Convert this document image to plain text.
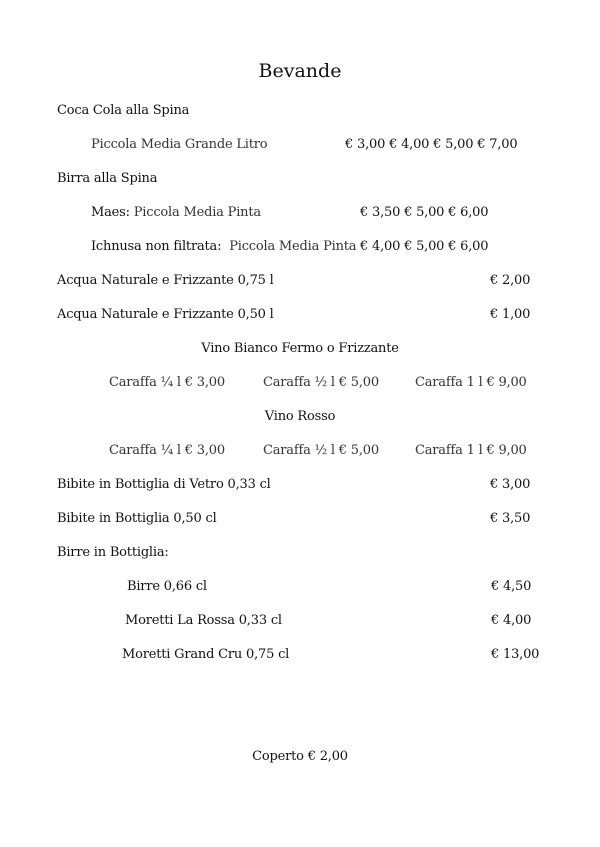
Bevande
Coca Cola alla Spina
Piccola Media Grande Litro	€ 3,00 € 4,00 € 5,00 € 7,00
Birra alla Spina
Maes: Piccola Media Pinta	€ 3,50 € 5,00 € 6,00
Ichnusa non filtrata: Piccola Media Pinta € 4,00 € 5,00 € 6,00
Acqua Naturale e Frizzante 0,75 l	€ 2,00
Acqua Naturale e Frizzante 0,50 l	€ 1,00
Vino Bianco Fermo o Frizzante
Caraffa ¼ l € 3,00	Caraffa ½ l € 5,00	Caraffa 1 l € 9,00
Vino Rosso
Caraffa ¼ l € 3,00	Caraffa ½ l € 5,00	Caraffa 1 l € 9,00
Bibite in Bottiglia di Vetro 0,33 cl	€ 3,00
Bibite in Bottiglia 0,50 cl	€ 3,50
Birre in Bottiglia:
Birre 0,66 cl	€ 4,50
Moretti La Rossa 0,33 cl	€ 4,00
Moretti Grand Cru 0,75 cl	€ 13,00
Coperto € 2,00
